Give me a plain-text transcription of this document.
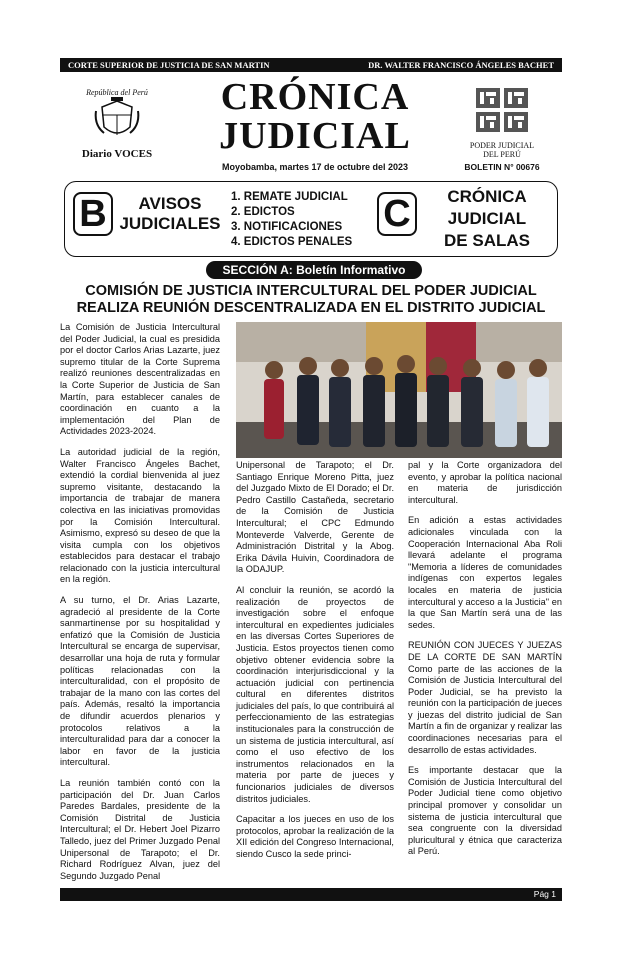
CORTE SUPERIOR DE JUSTICIA DE SAN MARTIN	DR. WALTER FRANCISCO ÁNGELES BACHET
República del Perú
Diario VOCES
CRÓNICA
JUDICIAL
Moyobamba, martes 17 de octubre del 2023
PODER JUDICIAL
DEL PERÚ
BOLETIN N° 00676
B	AVISOS
JUDICIALES
1. REMATE JUDICIAL
2. EDICTOS
3. NOTIFICACIONES
4. EDICTOS PENALES
C	CRÓNICA
JUDICIAL
DE SALAS
SECCIÓN A: Boletín Informativo
COMISIÓN DE JUSTICIA INTERCULTURAL DEL PODER JUDICIAL REALIZA REUNIÓN DESCENTRALIZADA EN EL DISTRITO JUDICIAL

La Comisión de Justicia Intercultural del Poder Judicial, la cual es presidida por el doctor Carlos Arias Lazarte, juez supremo titular de la Corte Suprema realizó reuniones descentralizadas en la Corte Superior de Justicia de San Martín, para establecer canales de coordinación en cuanto a la implementación del Plan de Actividades 2023-2024.

La autoridad judicial de la región, Walter Francisco Ángeles Bachet, extendió la cordial bienvenida al juez supremo visitante, destacando la importancia de trabajar de manera colectiva en las iniciativas promovidas por la Comisión Intercultural. Asimismo, expresó su deseo de que la visita cumpla con los objetivos establecidos para destacar el trabajo relacionado con la justicia intercultural en la región.

A su turno, el Dr. Arias Lazarte, agradeció al presidente de la Corte sanmartinense por su hospitalidad y enfatizó que la Comisión de Justicia Intercultural se encarga de supervisar, desarrollar una hoja de ruta y formular políticas relacionadas con la interculturalidad, con el propósito de trabajar de la mano con las cortes del país. Además, resaltó la importancia de difundir acuerdos plenarios y protocolos relativos a la interculturalidad para dar a conocer la labor en favor de la justicia intercultural.

La reunión también contó con la participación del Dr. Juan Carlos Paredes Bardales, presidente de la Comisión Distrital de Justicia Intercultural; el Dr. Hebert Joel Pizarro Talledo, juez del Primer Juzgado Penal Unipersonal de Tarapoto; el Dr. Richard Rodríguez Alvan, juez del Segundo Juzgado Penal

Unipersonal de Tarapoto; el Dr. Santiago Enrique Moreno Pitta, juez del Juzgado Mixto de El Dorado; el Dr. Pedro Castillo Castañeda, secretario de la Comisión de Justicia Intercultural; el CPC Edmundo Monteverde Valverde, Gerente de Administración Distrital y la Abog. Erika Dávila Huivin, Coordinadora de la ODAJUP.

Al concluir la reunión, se acordó la realización de proyectos de investigación sobre el enfoque intercultural en expedientes judiciales en las diversas Cortes Superiores de Justicia. Estos proyectos tienen como objetivo obtener evidencia sobre la coordinación interjurisdiccional y la actuación judicial con pertinencia cultural en diferentes distritos judiciales del país, lo que contribuirá al perfeccionamiento de las estrategias institucionales para la construcción de un sistema de justicia intercultural, así como el uso efectivo de los instrumentos relacionados en la materia por parte de jueces y funcionarios judiciales de diversos distritos judiciales.

Capacitar a los jueces en uso de los protocolos, aprobar la realización de la XII edición del Congreso Internacional, siendo Cusco la sede princi-

pal y la Corte organizadora del evento, y aprobar la política nacional en materia de jurisdicción intercultural.

En adición a estas actividades adicionales vinculada con la Cooperación Internacional Aba Roli llevará adelante el programa "Memoria a líderes de comunidades indígenas con expertos legales locales en materia de justicia intercultural y acceso a la Justicia" en la que San Martín será una de las sedes.

REUNIÓN CON JUECES Y JUEZAS DE LA CORTE DE SAN MARTÍN Como parte de las acciones de la Comisión de Justicia Intercultural del Poder Judicial, se ha previsto la reunión con la participación de jueces y juezas del distrito judicial de San Martín a fin de organizar y realizar las coordinaciones necesarias para el desarrollo de estas actividades.

Es importante destacar que la Comisión de Justicia Intercultural del Poder Judicial tiene como objetivo principal promover y consolidar un sistema de justicia intercultural que sea congruente con la diversidad pluricultural y étnica que caracteriza al Perú.

Pág 1
